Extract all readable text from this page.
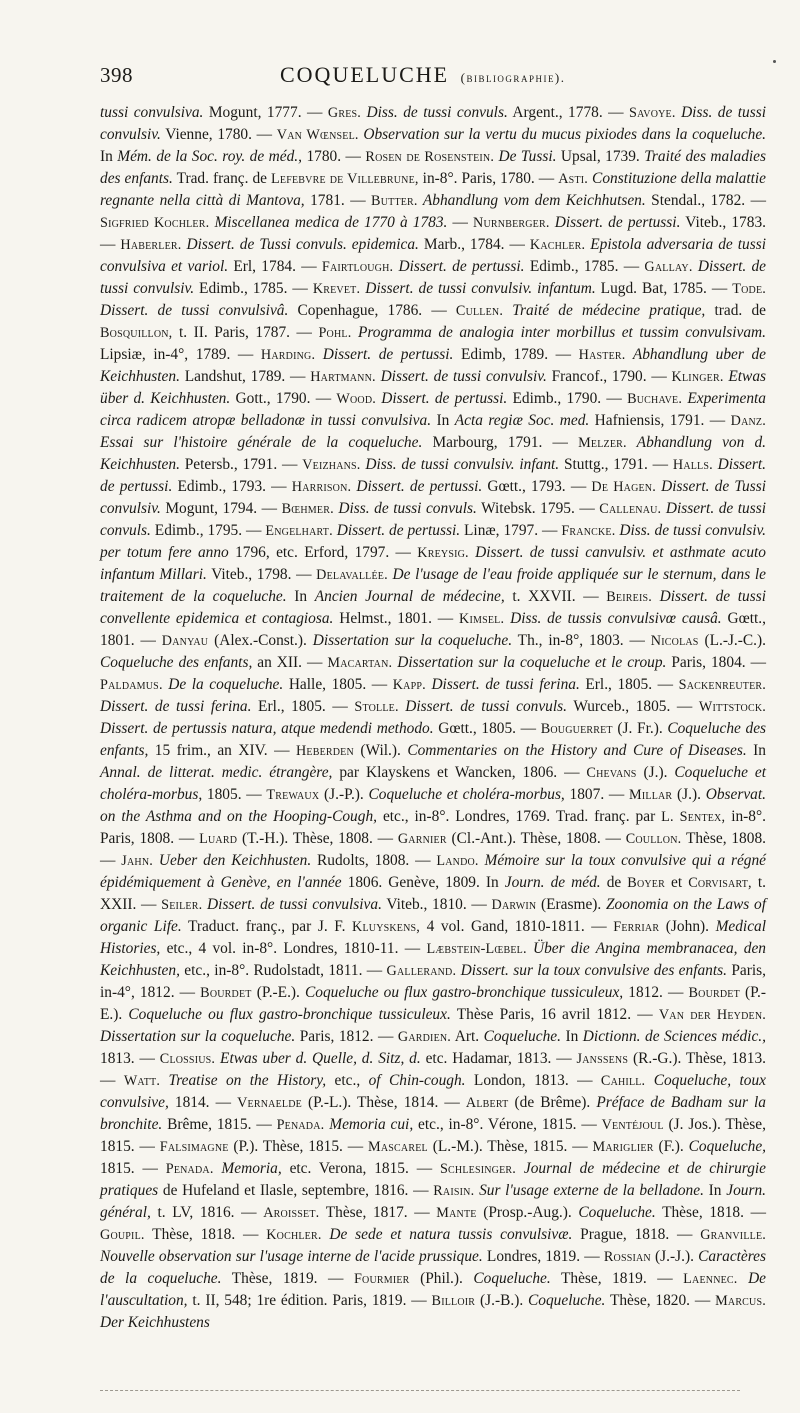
398	COQUELUCHE (bibliographie).

tussi convulsiva. Mogunt, 1777. — Gres. Diss. de tussi convuls. Argent., 1778. — Savoye. Diss. de tussi convulsiv. Vienne, 1780. — Van Wœnsel. Observation sur la vertu du mucus pixiodes dans la coqueluche. In Mém. de la Soc. roy. de méd., 1780. — Rosen de Rosenstein. De Tussi. Upsal, 1739. Traité des maladies des enfants. Trad. franç. de Lefebvre de Villebrune, in-8°. Paris, 1780. — Asti. Constituzione della malattie regnante nella città di Mantova, 1781. — Butter. Abhandlung vom dem Keichhutsen. Stendal., 1782. — Sigfried Kochler. Miscellanea medica de 1770 à 1783. — Nurnberger. Dissert. de pertussi. Viteb., 1783. — Haberler. Dissert. de Tussi convuls. epidemica. Marb., 1784. — Kachler. Epistola adversaria de tussi convulsiva et variol. Erl, 1784. — Fairtlough. Dissert. de pertussi. Edimb., 1785. — Gallay. Dissert. de tussi convulsiv. Edimb., 1785. — Krevet. Dissert. de tussi convulsiv. infantum. Lugd. Bat, 1785. — Tode. Dissert. de tussi convulsivâ. Copenhague, 1786. — Cullen. Traité de médecine pratique, trad. de Bosquillon, t. II. Paris, 1787. — Pohl. Programma de analogia inter morbillus et tussim convulsivam. Lipsiæ, in-4°, 1789. — Harding. Dissert. de pertussi. Edimb, 1789. — Haster. Abhandlung uber de Keichhusten. Landshut, 1789. — Hartmann. Dissert. de tussi convulsiv. Francof., 1790. — Klinger. Etwas über d. Keichhusten. Gott., 1790. — Wood. Dissert. de pertussi. Edimb., 1790. — Buchave. Experimenta circa radicem atropæ belladonæ in tussi convulsiva. In Acta regiæ Soc. med. Hafniensis, 1791. — Danz. Essai sur l'histoire générale de la coqueluche. Marbourg, 1791. — Melzer. Abhandlung von d. Keichhusten. Petersb., 1791. — Veizhans. Diss. de tussi convulsiv. infant. Stuttg., 1791. — Halls. Dissert. de pertussi. Edimb., 1793. — Harrison. Dissert. de pertussi. Gœtt., 1793. — De Hagen. Dissert. de Tussi convulsiv. Mogunt, 1794. — Bœhmer. Diss. de tussi convuls. Witebsk. 1795. — Callenau. Dissert. de tussi convuls. Edimb., 1795. — Engelhart. Dissert. de pertussi. Linæ, 1797. — Francke. Diss. de tussi convulsiv. per totum fere anno 1796, etc. Erford, 1797. — Kreysig. Dissert. de tussi canvulsiv. et asthmate acuto infantum Millari. Viteb., 1798. — Delavallée. De l'usage de l'eau froide appliquée sur le sternum, dans le traitement de la coqueluche. In Ancien Journal de médecine, t. XXVII. — Beireis. Dissert. de tussi convellente epidemica et contagiosa. Helmst., 1801. — Kimsel. Diss. de tussis convulsivœ causâ. Gœtt., 1801. — Danyau (Alex.-Const.). Dissertation sur la coqueluche. Th., in-8°, 1803. — Nicolas (L.-J.-C.). Coqueluche des enfants, an XII. — Macartan. Dissertation sur la coqueluche et le croup. Paris, 1804. — Paldamus. De la coqueluche. Halle, 1805. — Kapp. Dissert. de tussi ferina. Erl., 1805. — Sackenreuter. Dissert. de tussi ferina. Erl., 1805. — Stolle. Dissert. de tussi convuls. Wurceb., 1805. — Wittstock. Dissert. de pertussis natura, atque medendi methodo. Gœtt., 1805. — Bouguerret (J. Fr.). Coqueluche des enfants, 15 frim., an XIV. — Heberden (Wil.). Commentaries on the History and Cure of Diseases. In Annal. de litterat. medic. étrangère, par Klayskens et Wancken, 1806. — Chevans (J.). Coqueluche et choléra-morbus, 1805. — Trewaux (J.-P.). Coqueluche et choléra-morbus, 1807. — Millar (J.). Observat. on the Asthma and on the Hooping-Cough, etc., in-8°. Londres, 1769. Trad. franç. par L. Sentex, in-8°. Paris, 1808. — Luard (T.-H.). Thèse, 1808. — Garnier (Cl.-Ant.). Thèse, 1808. — Coullon. Thèse, 1808. — Jahn. Ueber den Keichhusten. Rudolts, 1808. — Lando. Mémoire sur la toux convulsive qui a régné épidémiquement à Genève, en l'année 1806. Genève, 1809. In Journ. de méd. de Boyer et Corvisart, t. XXII. — Seiler. Dissert. de tussi convulsiva. Viteb., 1810. — Darwin (Erasme). Zoonomia on the Laws of organic Life. Traduct. franç., par J. F. Kluyskens, 4 vol. Gand, 1810-1811. — Ferriar (John). Medical Histories, etc., 4 vol. in-8°. Londres, 1810-11. — Læbstein-Lœbel. Über die Angina membranacea, den Keichhusten, etc., in-8°. Rudolstadt, 1811. — Gallerand. Dissert. sur la toux convulsive des enfants. Paris, in-4°, 1812. — Bourdet (P.-E.). Coqueluche ou flux gastro-bronchique tussiculeux, 1812. — Bourdet (P.-E.). Coqueluche ou flux gastro-bronchique tussiculeux. Thèse Paris, 16 avril 1812. — Van der Heyden. Dissertation sur la coqueluche. Paris, 1812. — Gardien. Art. Coqueluche. In Dictionn. de Sciences médic., 1813. — Clossius. Etwas uber d. Quelle, d. Sitz, d. etc. Hadamar, 1813. — Janssens (R.-G.). Thèse, 1813. — Watt. Treatise on the History, etc., of Chin-cough. London, 1813. — Cahill. Coqueluche, toux convulsive, 1814. — Vernaelde (P.-L.). Thèse, 1814. — Albert (de Brême). Préface de Badham sur la bronchite. Brême, 1815. — Penada. Memoria cui, etc., in-8°. Vérone, 1815. — Ventéjoul (J. Jos.). Thèse, 1815. — Falsimagne (P.). Thèse, 1815. — Mascarel (L.-M.). Thèse, 1815. — Mariglier (F.). Coqueluche, 1815. — Penada. Memoria, etc. Verona, 1815. — Schlesinger. Journal de médecine et de chirurgie pratiques de Hufeland et Ilasle, septembre, 1816. — Raisin. Sur l'usage externe de la belladone. In Journ. général, t. LV, 1816. — Aroisset. Thèse, 1817. — Mante (Prosp.-Aug.). Coqueluche. Thèse, 1818. — Goupil. Thèse, 1818. — Kochler. De sede et natura tussis convulsivæ. Prague, 1818. — Granville. Nouvelle observation sur l'usage interne de l'acide prussique. Londres, 1819. — Rossian (J.-J.). Caractères de la coqueluche. Thèse, 1819. — Fourmier (Phil.). Coqueluche. Thèse, 1819. — Laennec. De l'auscultation, t. II, 548; 1re édition. Paris, 1819. — Billoir (J.-B.). Coqueluche. Thèse, 1820. — Marcus. Der Keichhustens
